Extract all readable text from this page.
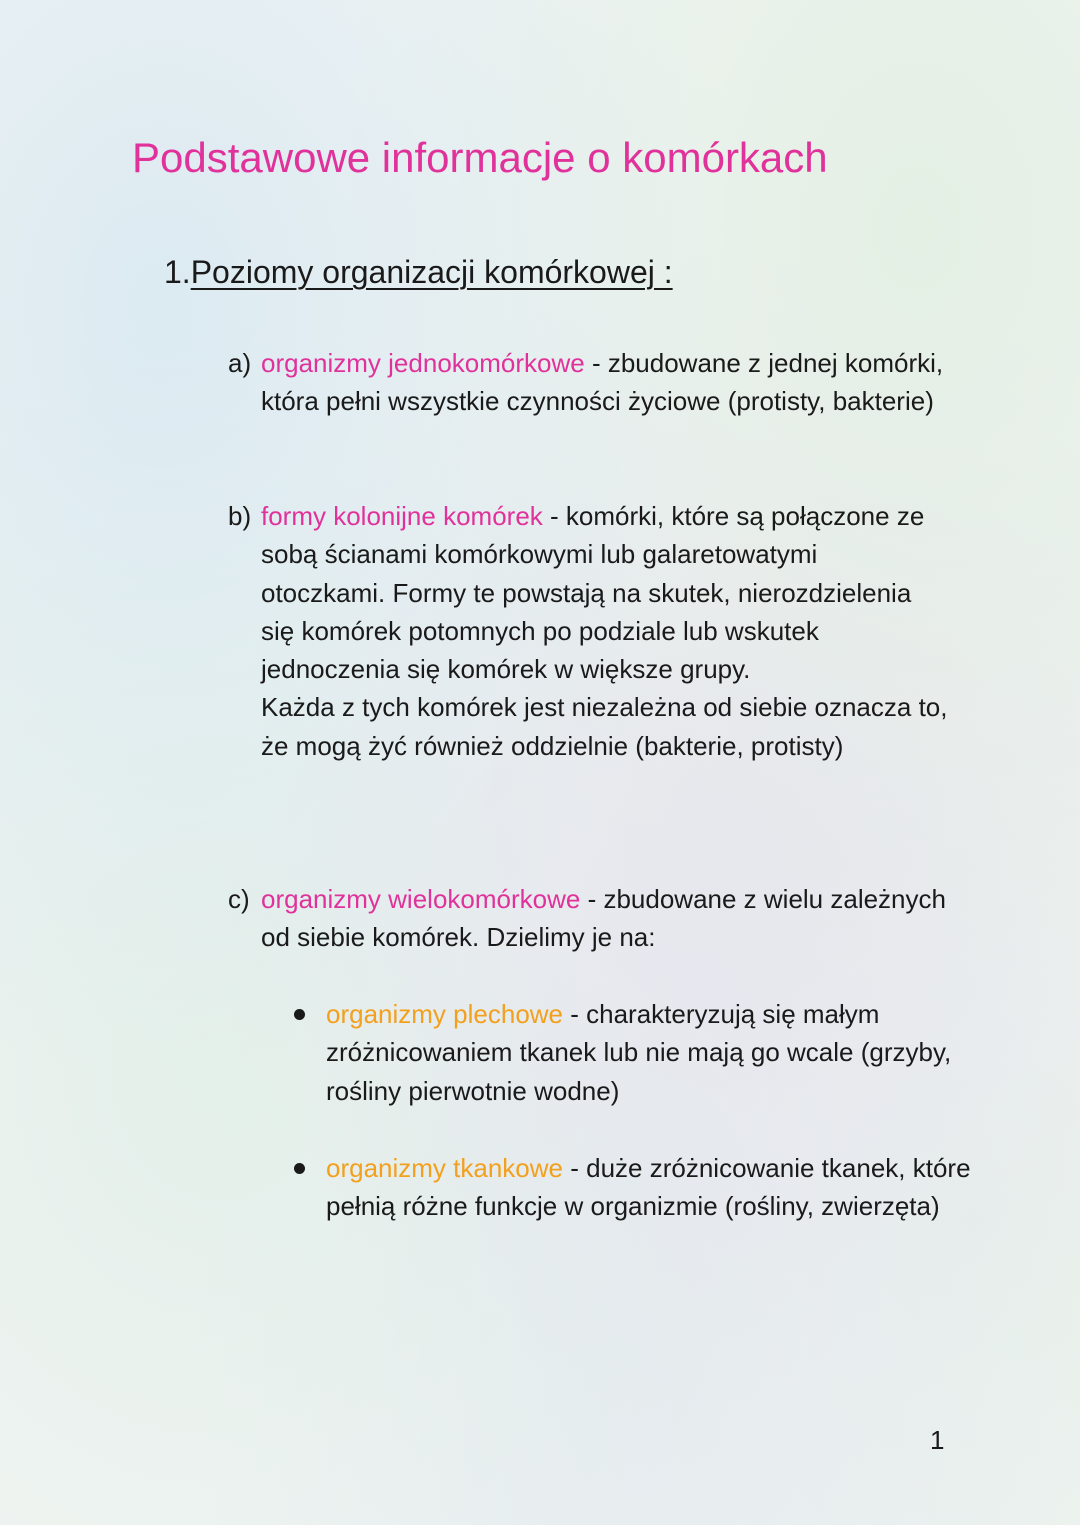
Podstawowe informacje o komórkach
1.Poziomy organizacji komórkowej :
a) organizmy jednokomórkowe - zbudowane z jednej komórki, która pełni wszystkie czynności życiowe (protisty, bakterie)
b) formy kolonijne komórek - komórki, które są połączone ze sobą ścianami komórkowymi lub galaretowatymi otoczkami. Formy te powstają na skutek, nierozdzielenia się komórek potomnych po podziale lub wskutek jednoczenia się komórek w większe grupy.

Każda z tych komórek jest niezależna od siebie oznacza to, że mogą żyć również oddzielnie (bakterie, protisty)

c) organizmy wielokomórkowe - zbudowane z wielu zależnych od siebie komórek. Dzielimy je na:
organizmy plechowe - charakteryzują się małym zróżnicowaniem tkanek lub nie mają go wcale (grzyby, rośliny pierwotnie wodne)
organizmy tkankowe - duże zróżnicowanie tkanek, które pełnią różne funkcje w organizmie (rośliny, zwierzęta)
1
